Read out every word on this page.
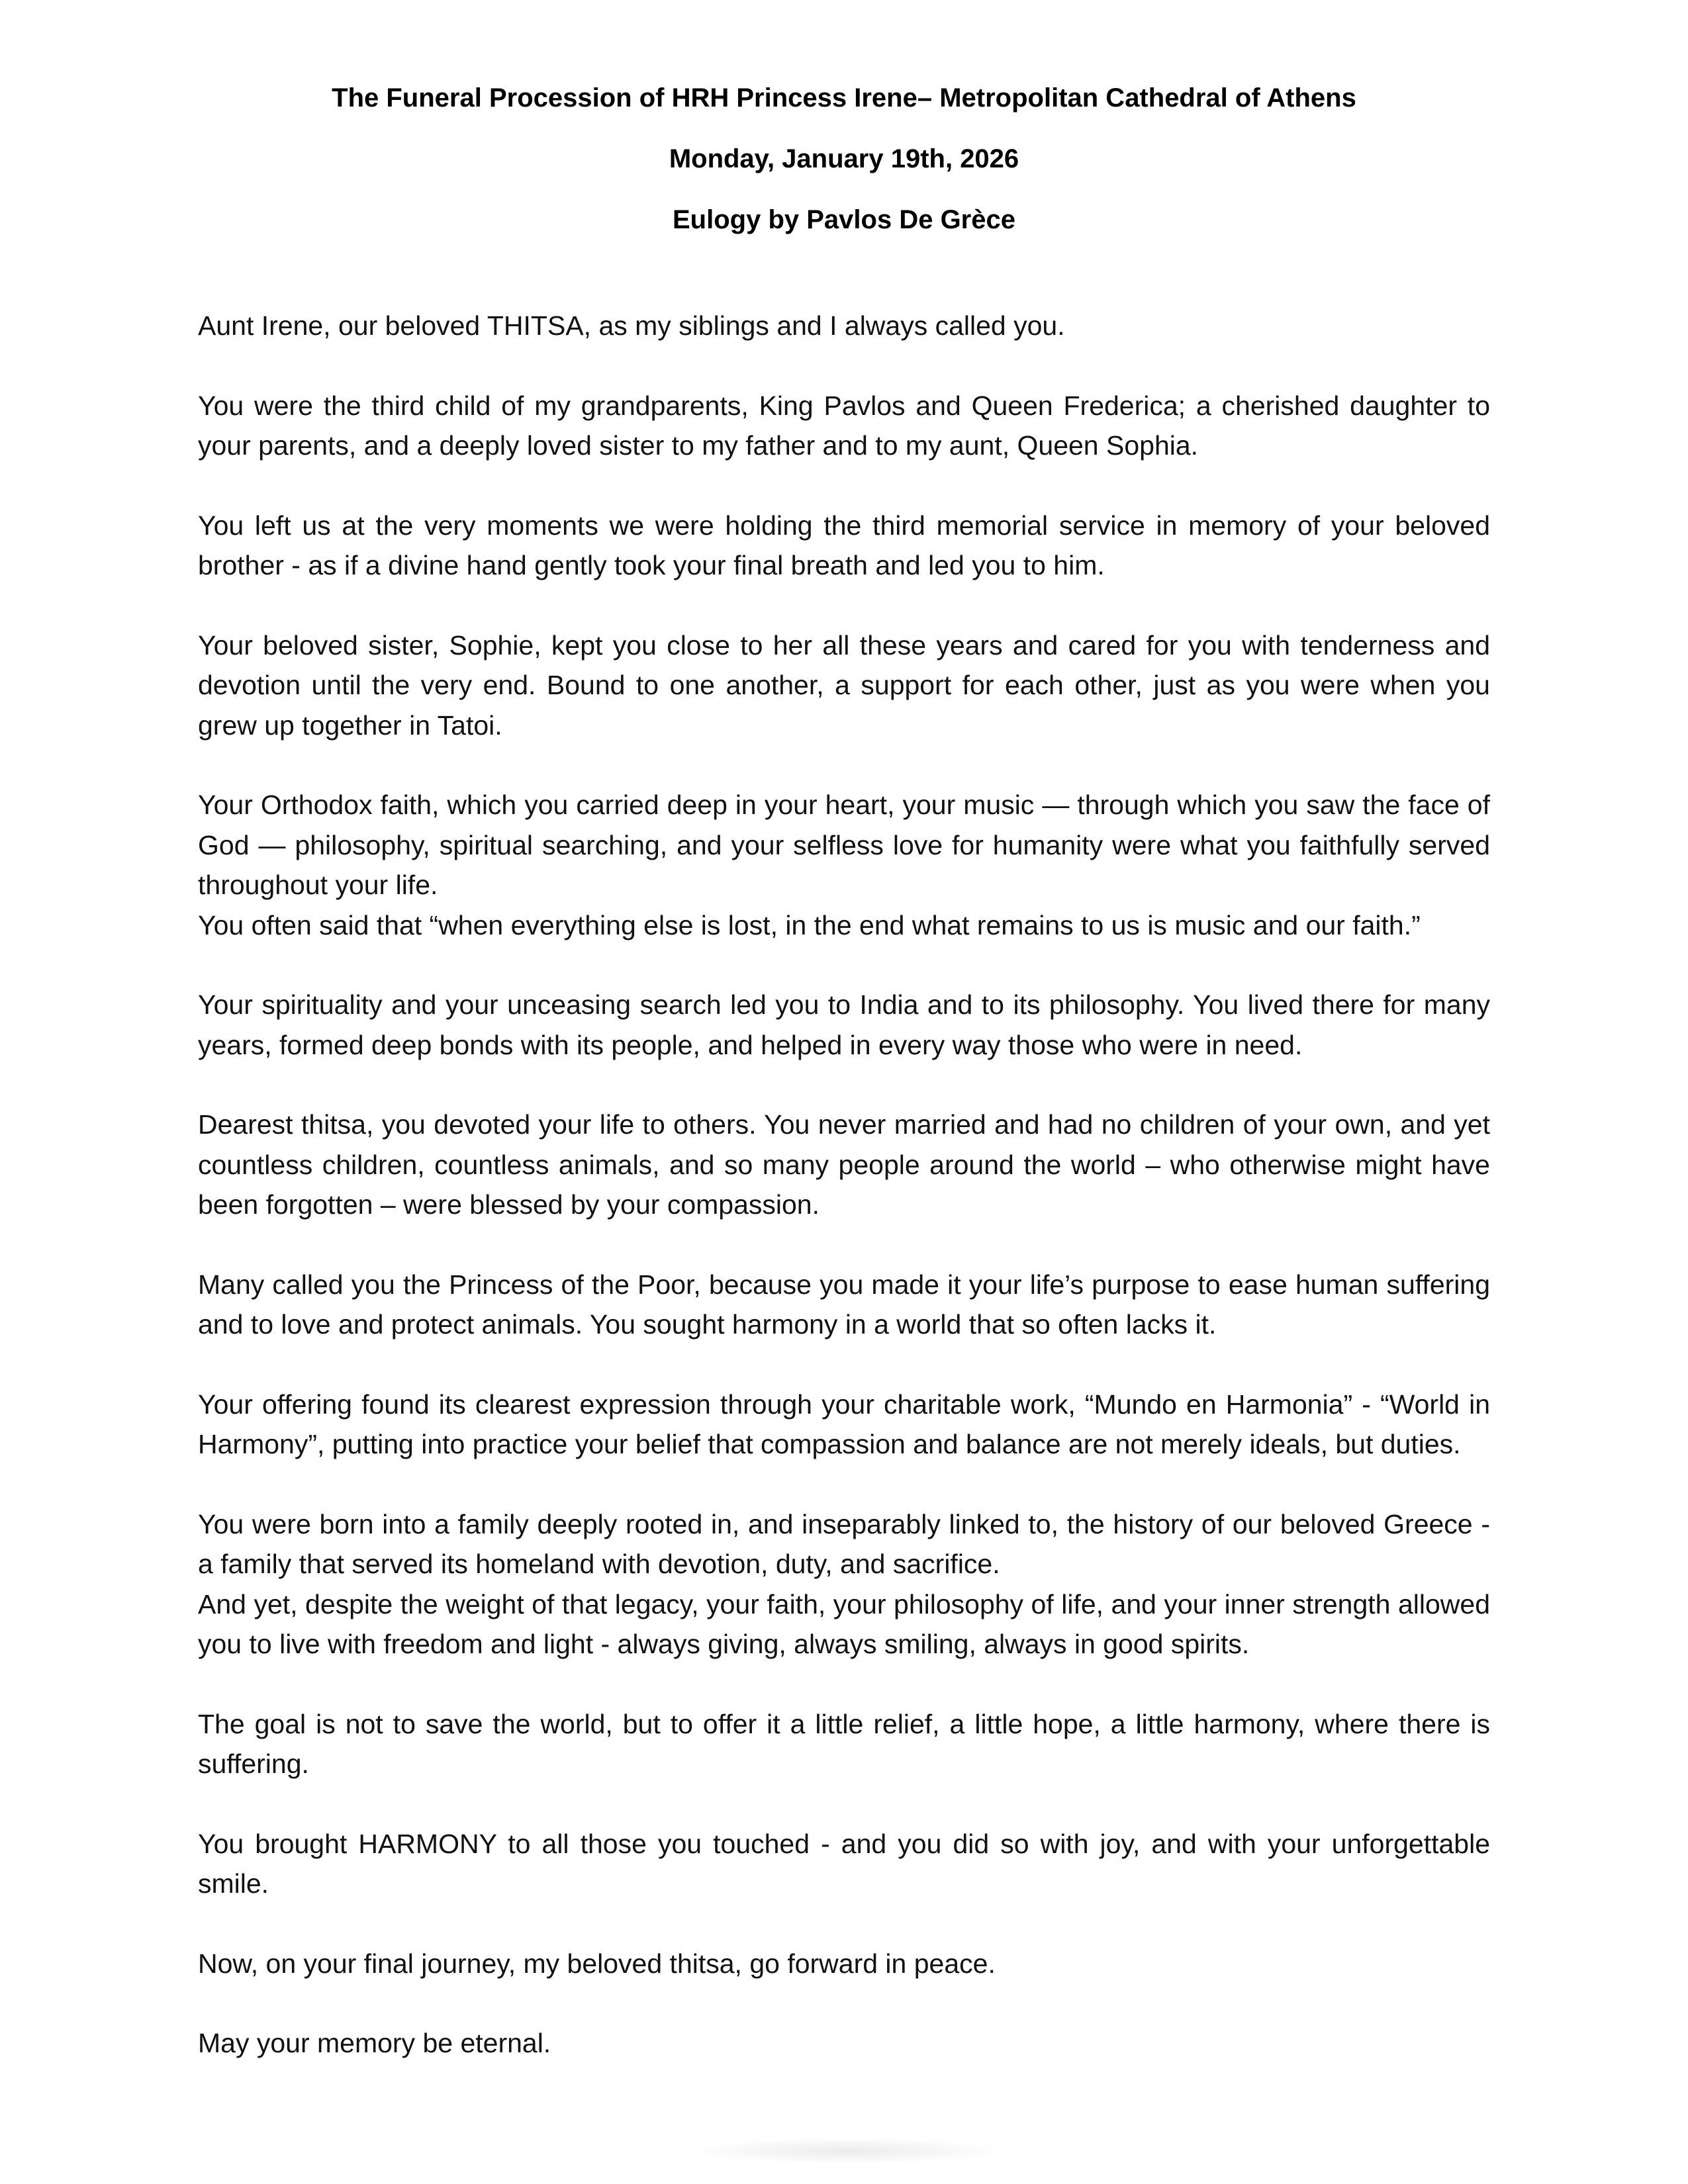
The Funeral Procession of HRH Princess Irene– Metropolitan Cathedral of Athens
Monday, January 19th, 2026
Eulogy by Pavlos De Grèce

Aunt Irene, our beloved THITSA, as my siblings and I always called you.

You were the third child of my grandparents, King Pavlos and Queen Frederica; a cherished daughter to your parents, and a deeply loved sister to my father and to my aunt, Queen Sophia.

You left us at the very moments we were holding the third memorial service in memory of your beloved brother - as if a divine hand gently took your final breath and led you to him.

Your beloved sister, Sophie, kept you close to her all these years and cared for you with tenderness and devotion until the very end. Bound to one another, a support for each other, just as you were when you grew up together in Tatoi.

Your Orthodox faith, which you carried deep in your heart, your music — through which you saw the face of God — philosophy, spiritual searching, and your selfless love for humanity were what you faithfully served throughout your life.

You often said that “when everything else is lost, in the end what remains to us is music and our faith.”

Your spirituality and your unceasing search led you to India and to its philosophy. You lived there for many years, formed deep bonds with its people, and helped in every way those who were in need.

Dearest thitsa, you devoted your life to others. You never married and had no children of your own, and yet countless children, countless animals, and so many people around the world – who otherwise might have been forgotten – were blessed by your compassion.

Many called you the Princess of the Poor, because you made it your life’s purpose to ease human suffering and to love and protect animals. You sought harmony in a world that so often lacks it.

Your offering found its clearest expression through your charitable work, “Mundo en Harmonia” - “World in Harmony”, putting into practice your belief that compassion and balance are not merely ideals, but duties.

You were born into a family deeply rooted in, and inseparably linked to, the history of our beloved Greece - a family that served its homeland with devotion, duty, and sacrifice.

And yet, despite the weight of that legacy, your faith, your philosophy of life, and your inner strength allowed you to live with freedom and light - always giving, always smiling, always in good spirits.

The goal is not to save the world, but to offer it a little relief, a little hope, a little harmony, where there is suffering.

You brought HARMONY to all those you touched - and you did so with joy, and with your unforgettable smile.

Now, on your final journey, my beloved thitsa, go forward in peace.

May your memory be eternal.
